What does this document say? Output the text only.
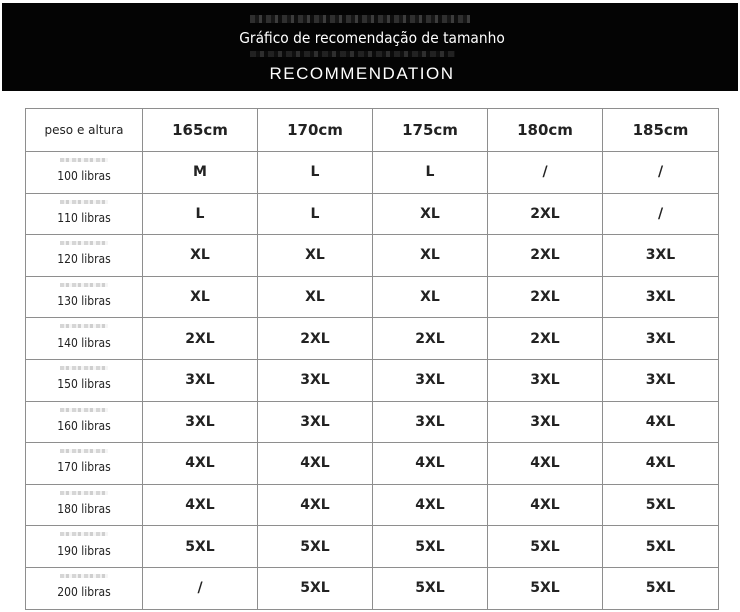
Gráfico de recomendação de tamanho
RECOMMENDATION
peso e altura	165cm	170cm	175cm	180cm	185cm

100 libras	M	L	L	/	/

110 libras	L	L	XL	2XL	/

120 libras	XL	XL	XL	2XL	3XL

130 libras	XL	XL	XL	2XL	3XL

140 libras	2XL	2XL	2XL	2XL	3XL

150 libras	3XL	3XL	3XL	3XL	3XL

160 libras	3XL	3XL	3XL	3XL	4XL

170 libras	4XL	4XL	4XL	4XL	4XL

180 libras	4XL	4XL	4XL	4XL	5XL

190 libras	5XL	5XL	5XL	5XL	5XL

200 libras	/	5XL	5XL	5XL	5XL
